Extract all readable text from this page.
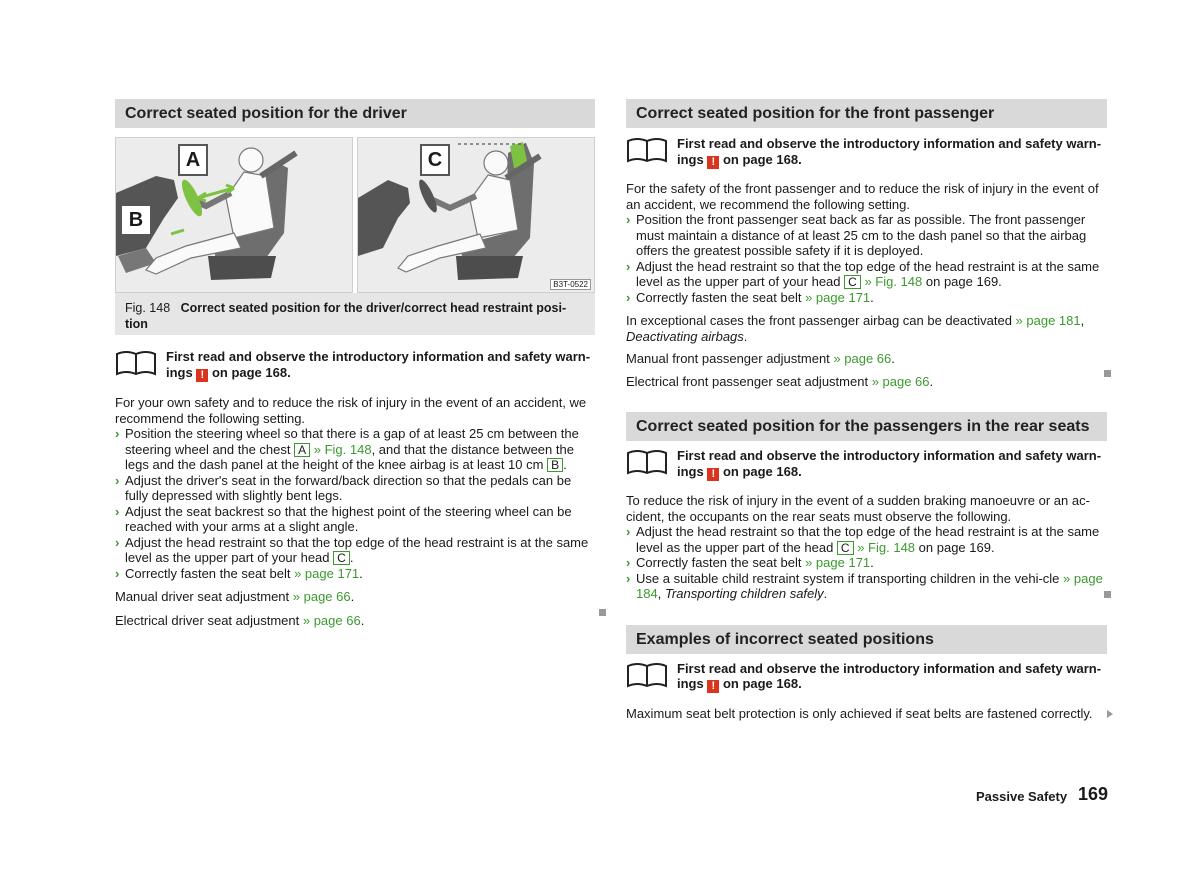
Correct seated position for the driver
A
B
C
B3T-0522
Fig. 148 Correct seated position for the driver/correct head restraint posi-tion
First read and observe the introductory information and safety warn-ings ! on page 168.

For your own safety and to reduce the risk of injury in the event of an accident, we recommend the following setting.

› Position the steering wheel so that there is a gap of at least 25 cm between the steering wheel and the chest A » Fig. 148, and that the distance between the legs and the dash panel at the height of the knee airbag is at least 10 cm B .
› Adjust the driver's seat in the forward/back direction so that the pedals can be fully depressed with slightly bent legs.
› Adjust the seat backrest so that the highest point of the steering wheel can be reached with your arms at a slight angle.
› Adjust the head restraint so that the top edge of the head restraint is at the same level as the upper part of your head C .
› Correctly fasten the seat belt » page 171.

Manual driver seat adjustment » page 66.

Electrical driver seat adjustment » page 66.

Correct seated position for the front passenger
First read and observe the introductory information and safety warn-ings ! on page 168.

For the safety of the front passenger and to reduce the risk of injury in the event of an accident, we recommend the following setting.

› Position the front passenger seat back as far as possible. The front passenger must maintain a distance of at least 25 cm to the dash panel so that the airbag offers the greatest possible safety if it is deployed.
› Adjust the head restraint so that the top edge of the head restraint is at the same level as the upper part of your head C » Fig. 148 on page 169.
› Correctly fasten the seat belt » page 171.

In exceptional cases the front passenger airbag can be deactivated » page 181, Deactivating airbags.

Manual front passenger adjustment » page 66.

Electrical front passenger seat adjustment » page 66.

Correct seated position for the passengers in the rear seats
First read and observe the introductory information and safety warn-ings ! on page 168.

To reduce the risk of injury in the event of a sudden braking manoeuvre or an ac-cident, the occupants on the rear seats must observe the following.

› Adjust the head restraint so that the top edge of the head restraint is at the same level as the upper part of the head C » Fig. 148 on page 169.
› Correctly fasten the seat belt » page 171.
› Use a suitable child restraint system if transporting children in the vehi-cle » page 184, Transporting children safely.
Examples of incorrect seated positions
First read and observe the introductory information and safety warn-ings ! on page 168.

Maximum seat belt protection is only achieved if seat belts are fastened correctly.

Passive Safety 169
